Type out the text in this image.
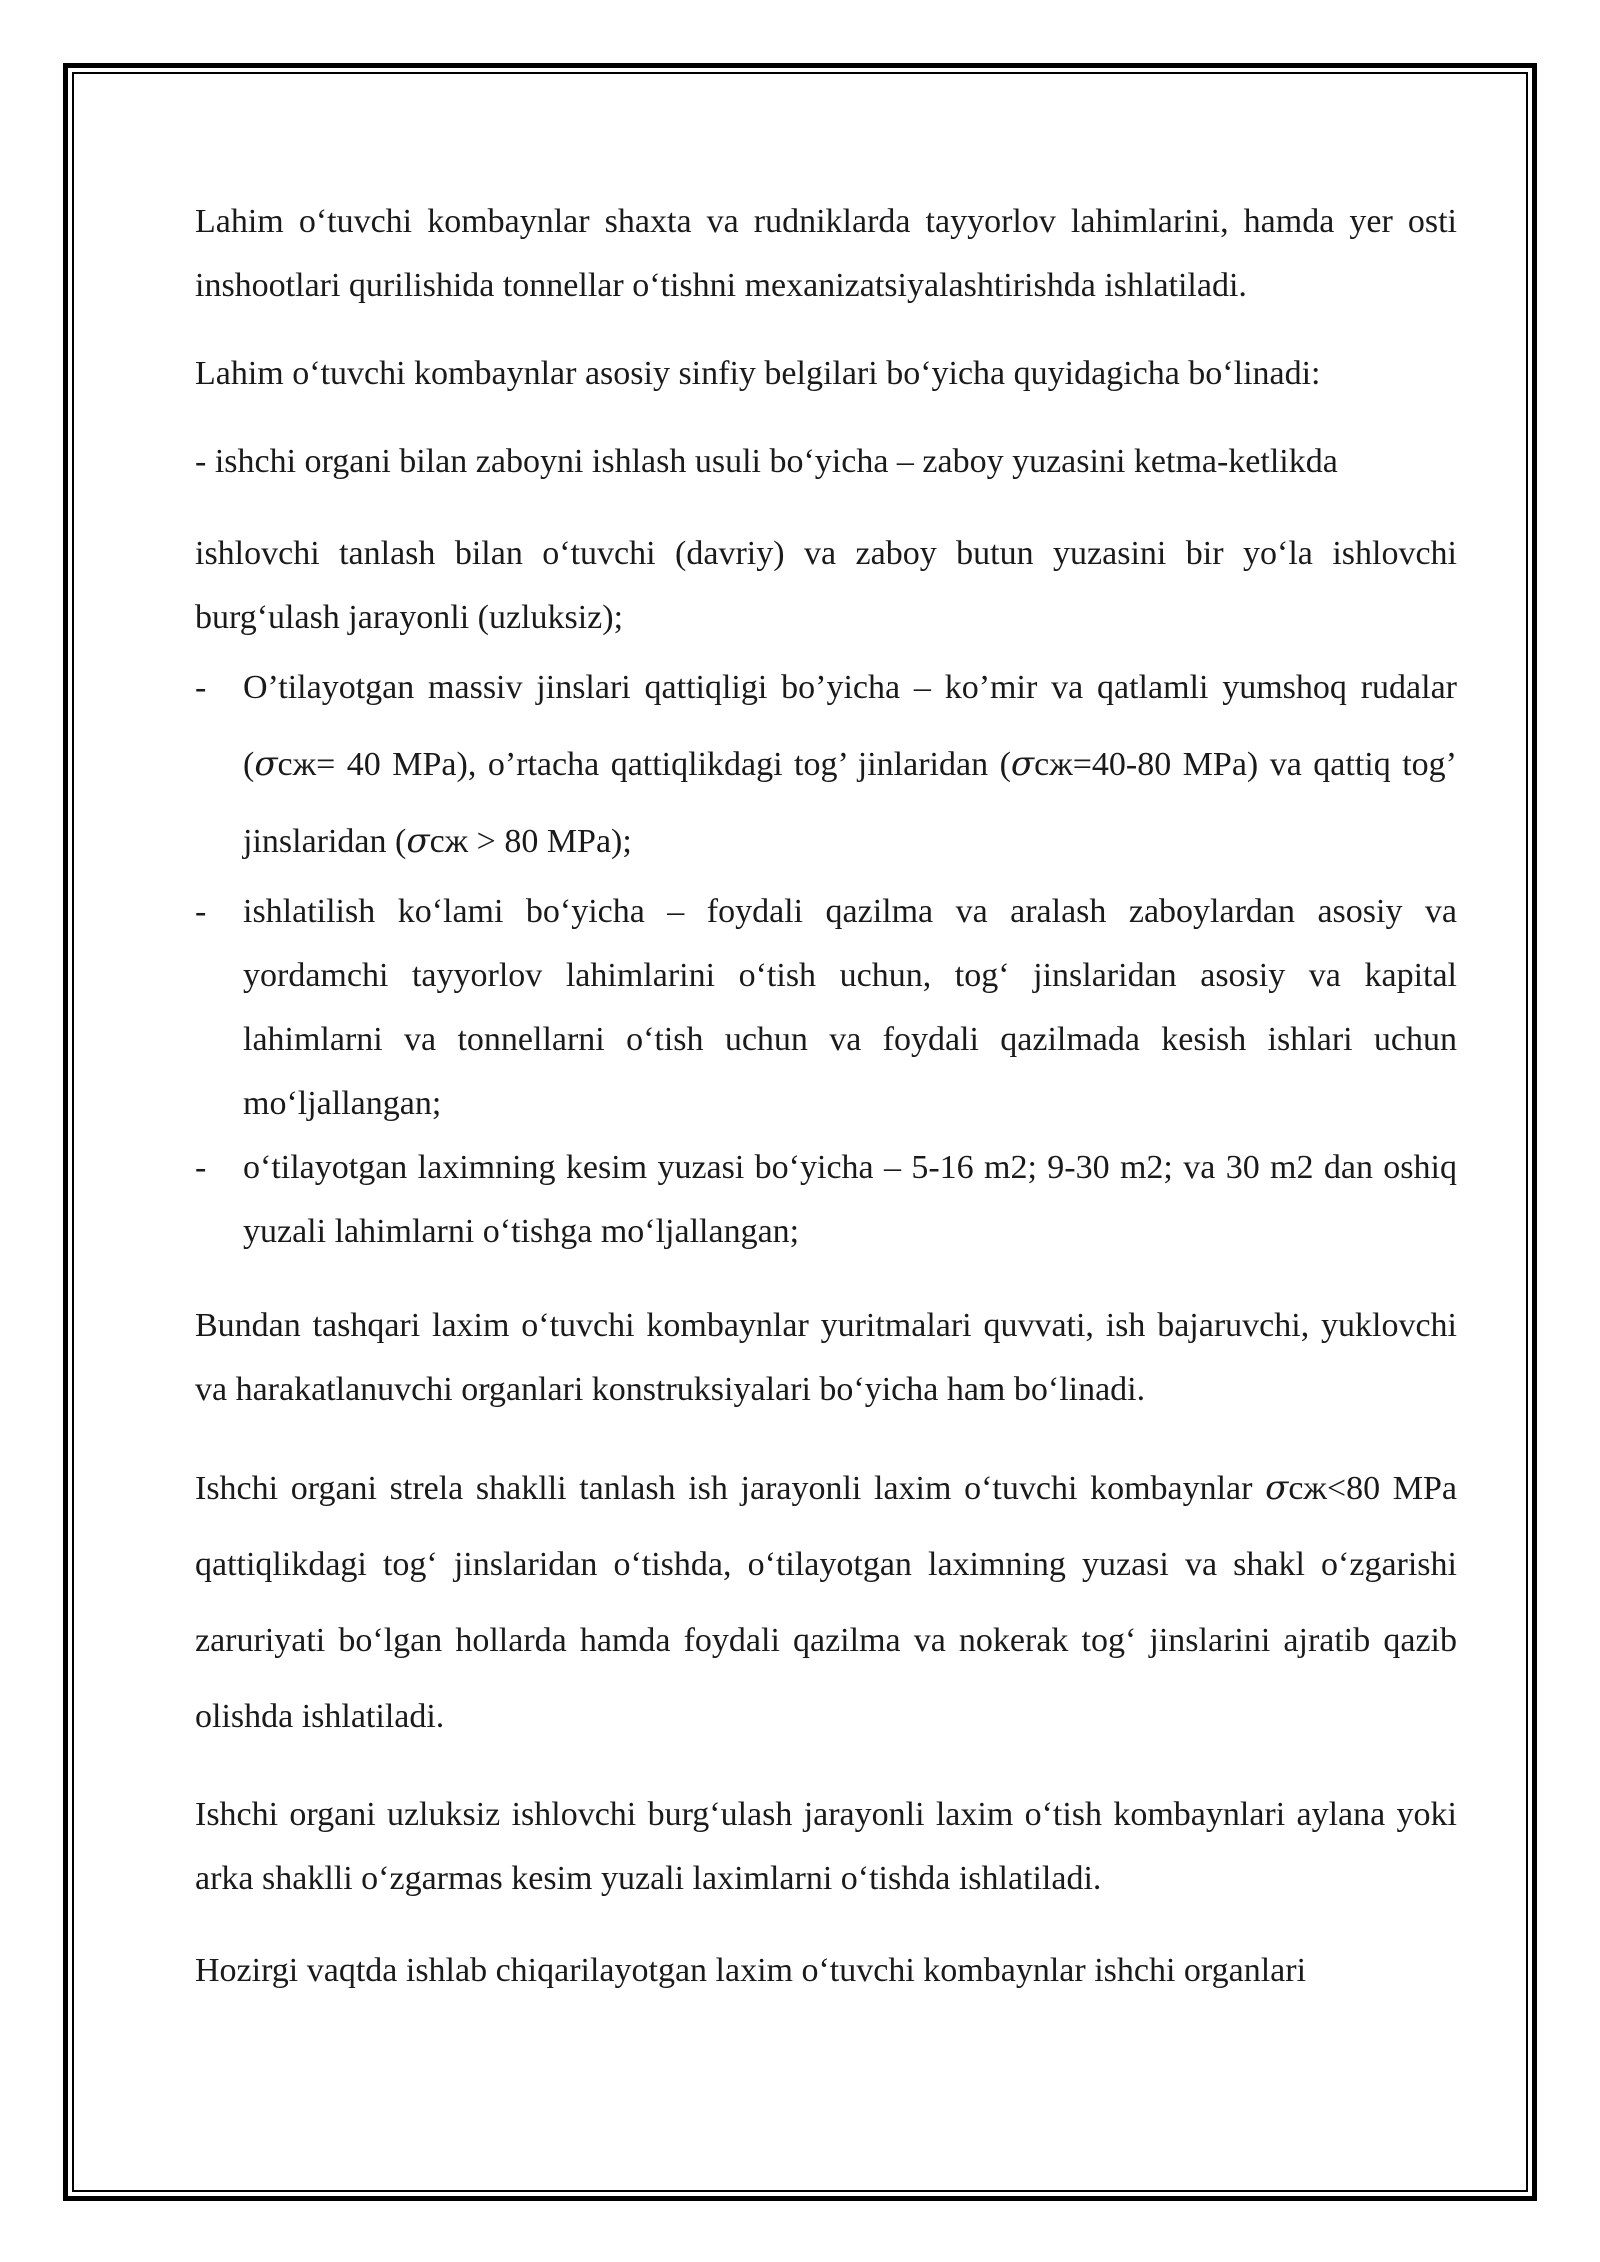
Lahim o‘tuvchi kombaynlar shaxta va rudniklarda tayyorlov lahimlarini, hamda yer osti inshootlari qurilishida tonnellar o‘tishni mexanizatsiyalashtirishda ishlatiladi.

Lahim o‘tuvchi kombaynlar asosiy sinfiy belgilari bo‘yicha quyidagicha bo‘linadi:

- ishchi organi bilan zaboyni ishlash usuli bo‘yicha – zaboy yuzasini ketma-ketlikda

ishlovchi tanlash bilan o‘tuvchi (davriy) va zaboy butun yuzasini bir yo‘la ishlovchi burg‘ulash jarayonli (uzluksiz);

- O’tilayotgan massiv jinslari qattiqligi bo’yicha – ko’mir va qatlamli yumshoq rudalar (σсж= 40 MPa), o’rtacha qattiqlikdagi tog’ jinlaridan (σсж=40-80 MPa) va qattiq tog’ jinslaridan (σсж > 80 MPa);
- ishlatilish ko‘lami bo‘yicha – foydali qazilma va aralash zaboylardan asosiy va yordamchi tayyorlov lahimlarini o‘tish uchun, tog‘ jinslaridan asosiy va kapital lahimlarni va tonnellarni o‘tish uchun va foydali qazilmada kesish ishlari uchun mo‘ljallangan;
- o‘tilayotgan laximning kesim yuzasi bo‘yicha – 5-16 m2; 9-30 m2; va 30 m2 dan oshiq yuzali lahimlarni o‘tishga mo‘ljallangan;

Bundan tashqari laxim o‘tuvchi kombaynlar yuritmalari quvvati, ish bajaruvchi, yuklovchi va harakatlanuvchi organlari konstruksiyalari bo‘yicha ham bo‘linadi.

Ishchi organi strela shaklli tanlash ish jarayonli laxim o‘tuvchi kombaynlar σсж<80 MPa qattiqlikdagi tog‘ jinslaridan o‘tishda, o‘tilayotgan laximning yuzasi va shakl o‘zgarishi zaruriyati bo‘lgan hollarda hamda foydali qazilma va nokerak tog‘ jinslarini ajratib qazib olishda ishlatiladi.

Ishchi organi uzluksiz ishlovchi burg‘ulash jarayonli laxim o‘tish kombaynlari aylana yoki arka shaklli o‘zgarmas kesim yuzali laximlarni o‘tishda ishlatiladi.

Hozirgi vaqtda ishlab chiqarilayotgan laxim o‘tuvchi kombaynlar ishchi organlari
